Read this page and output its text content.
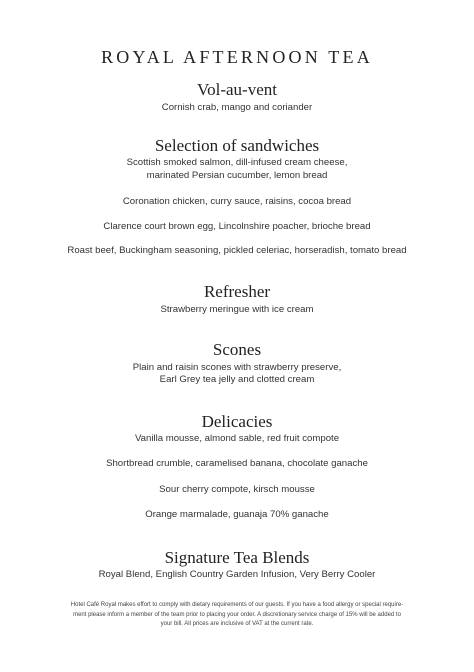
ROYAL AFTERNOON TEA
Vol-au-vent
Cornish crab, mango and coriander
Selection of sandwiches
Scottish smoked salmon, dill-infused cream cheese,
marinated Persian cucumber, lemon bread
Coronation chicken, curry sauce, raisins, cocoa bread
Clarence court brown egg, Lincolnshire poacher, brioche bread
Roast beef, Buckingham seasoning, pickled celeriac, horseradish, tomato bread
Refresher
Strawberry meringue with ice cream
Scones
Plain and raisin scones with strawberry preserve,
Earl Grey tea jelly and clotted cream
Delicacies
Vanilla mousse, almond sable, red fruit compote
Shortbread crumble, caramelised banana, chocolate ganache
Sour cherry compote, kirsch mousse
Orange marmalade, guanaja 70% ganache
Signature Tea Blends
Royal Blend, English Country Garden Infusion, Very Berry Cooler
Hotel Café Royal makes effort to comply with dietary requirements of our guests. If you have a food allergy or special require-
ment please inform a member of the team prior to placing your order. A discretionary service charge of 15% will be added to
your bill. All prices are inclusive of VAT at the current rate.
